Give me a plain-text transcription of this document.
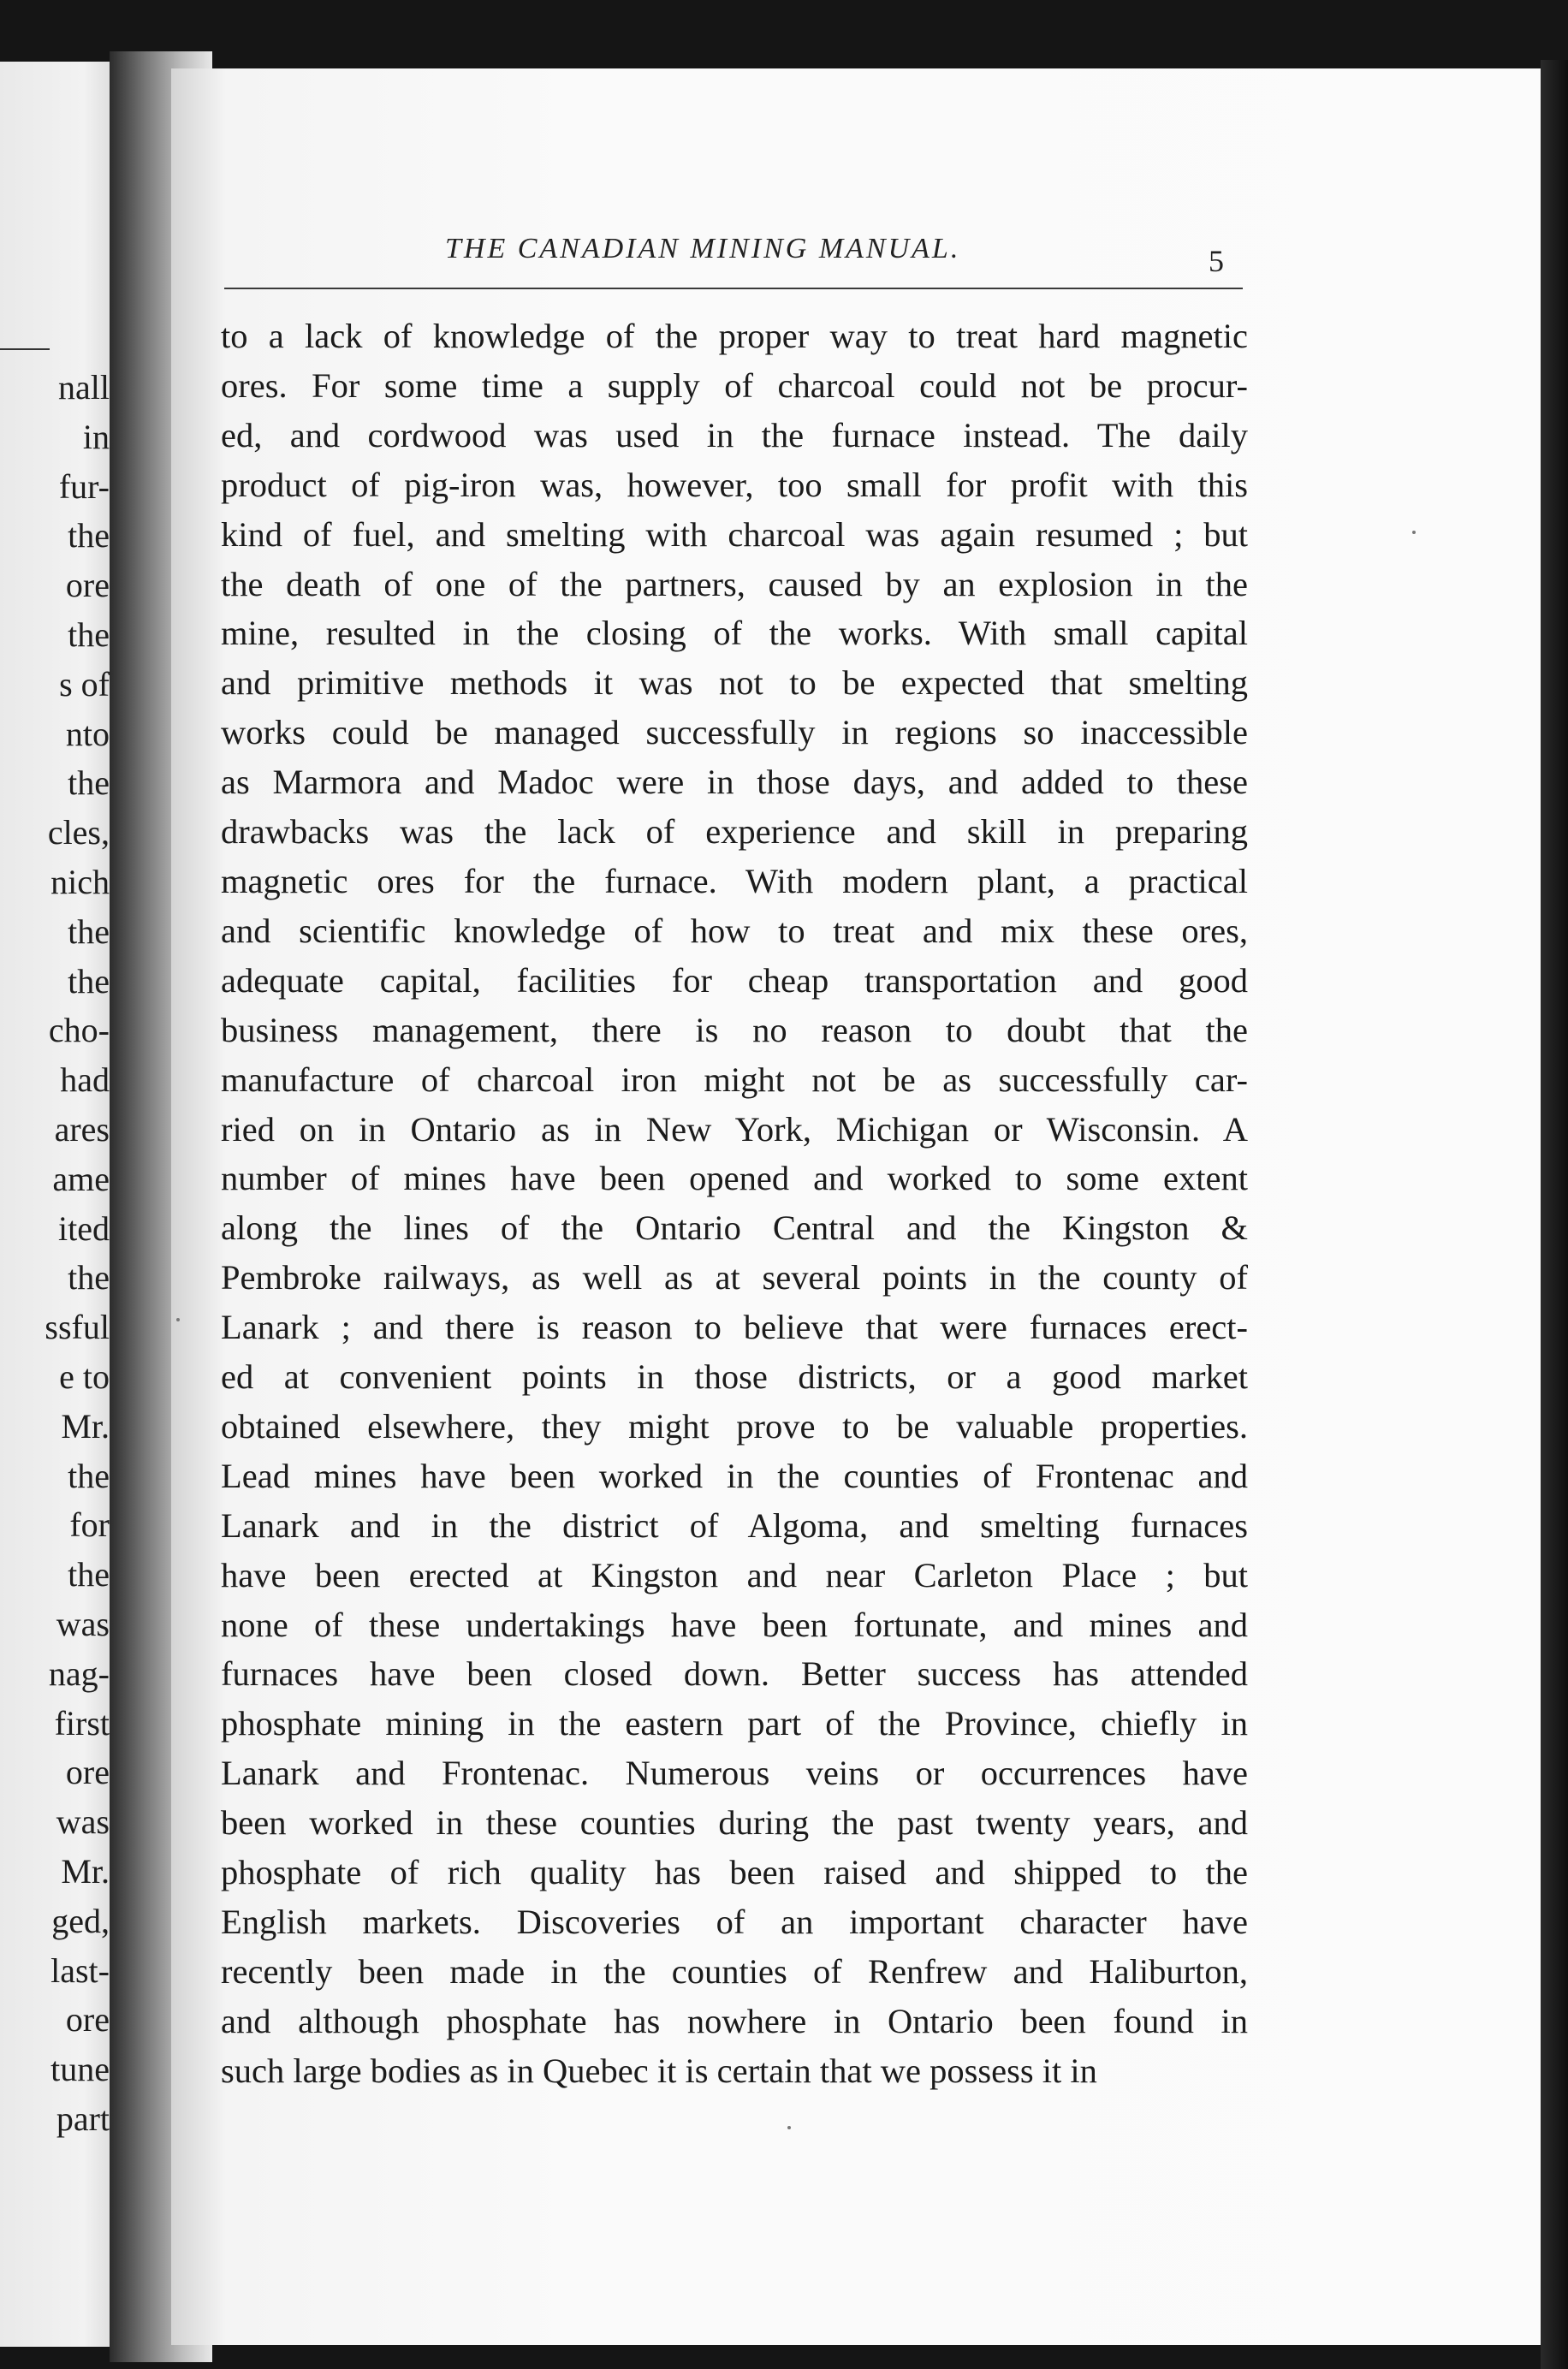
nall
in
fur-
the
ore
the
s of
nto
the
cles,
nich
the
the
cho-
had
ares
ame
ited
the
ssful
e to
Mr.
the
for
the
was
nag-
first
ore
was
Mr.
ged,
last-
ore
tune
part
THE CANADIAN MINING MANUAL.	5
to a lack of knowledge of the proper way to treat hard magnetic
ores. For some time a supply of charcoal could not be procur-
ed, and cordwood was used in the furnace instead. The daily
product of pig-iron was, however, too small for profit with this
kind of fuel, and smelting with charcoal was again resumed ; but
the death of one of the partners, caused by an explosion in the
mine, resulted in the closing of the works. With small capital
and primitive methods it was not to be expected that smelting
works could be managed successfully in regions so inaccessible
as Marmora and Madoc were in those days, and added to these
drawbacks was the lack of experience and skill in preparing
magnetic ores for the furnace. With modern plant, a practical
and scientific knowledge of how to treat and mix these ores,
adequate capital, facilities for cheap transportation and good
business management, there is no reason to doubt that the
manufacture of charcoal iron might not be as successfully car-
ried on in Ontario as in New York, Michigan or Wisconsin. A
number of mines have been opened and worked to some extent
along the lines of the Ontario Central and the Kingston &
Pembroke railways, as well as at several points in the county of
Lanark ; and there is reason to believe that were furnaces erect-
ed at convenient points in those districts, or a good market
obtained elsewhere, they might prove to be valuable properties.
Lead mines have been worked in the counties of Frontenac and
Lanark and in the district of Algoma, and smelting furnaces
have been erected at Kingston and near Carleton Place ; but
none of these undertakings have been fortunate, and mines and
furnaces have been closed down. Better success has attended
phosphate mining in the eastern part of the Province, chiefly in
Lanark and Frontenac. Numerous veins or occurrences have
been worked in these counties during the past twenty years, and
phosphate of rich quality has been raised and shipped to the
English markets. Discoveries of an important character have
recently been made in the counties of Renfrew and Haliburton,
and although phosphate has nowhere in Ontario been found in
such large bodies as in Quebec it is certain that we possess it in
